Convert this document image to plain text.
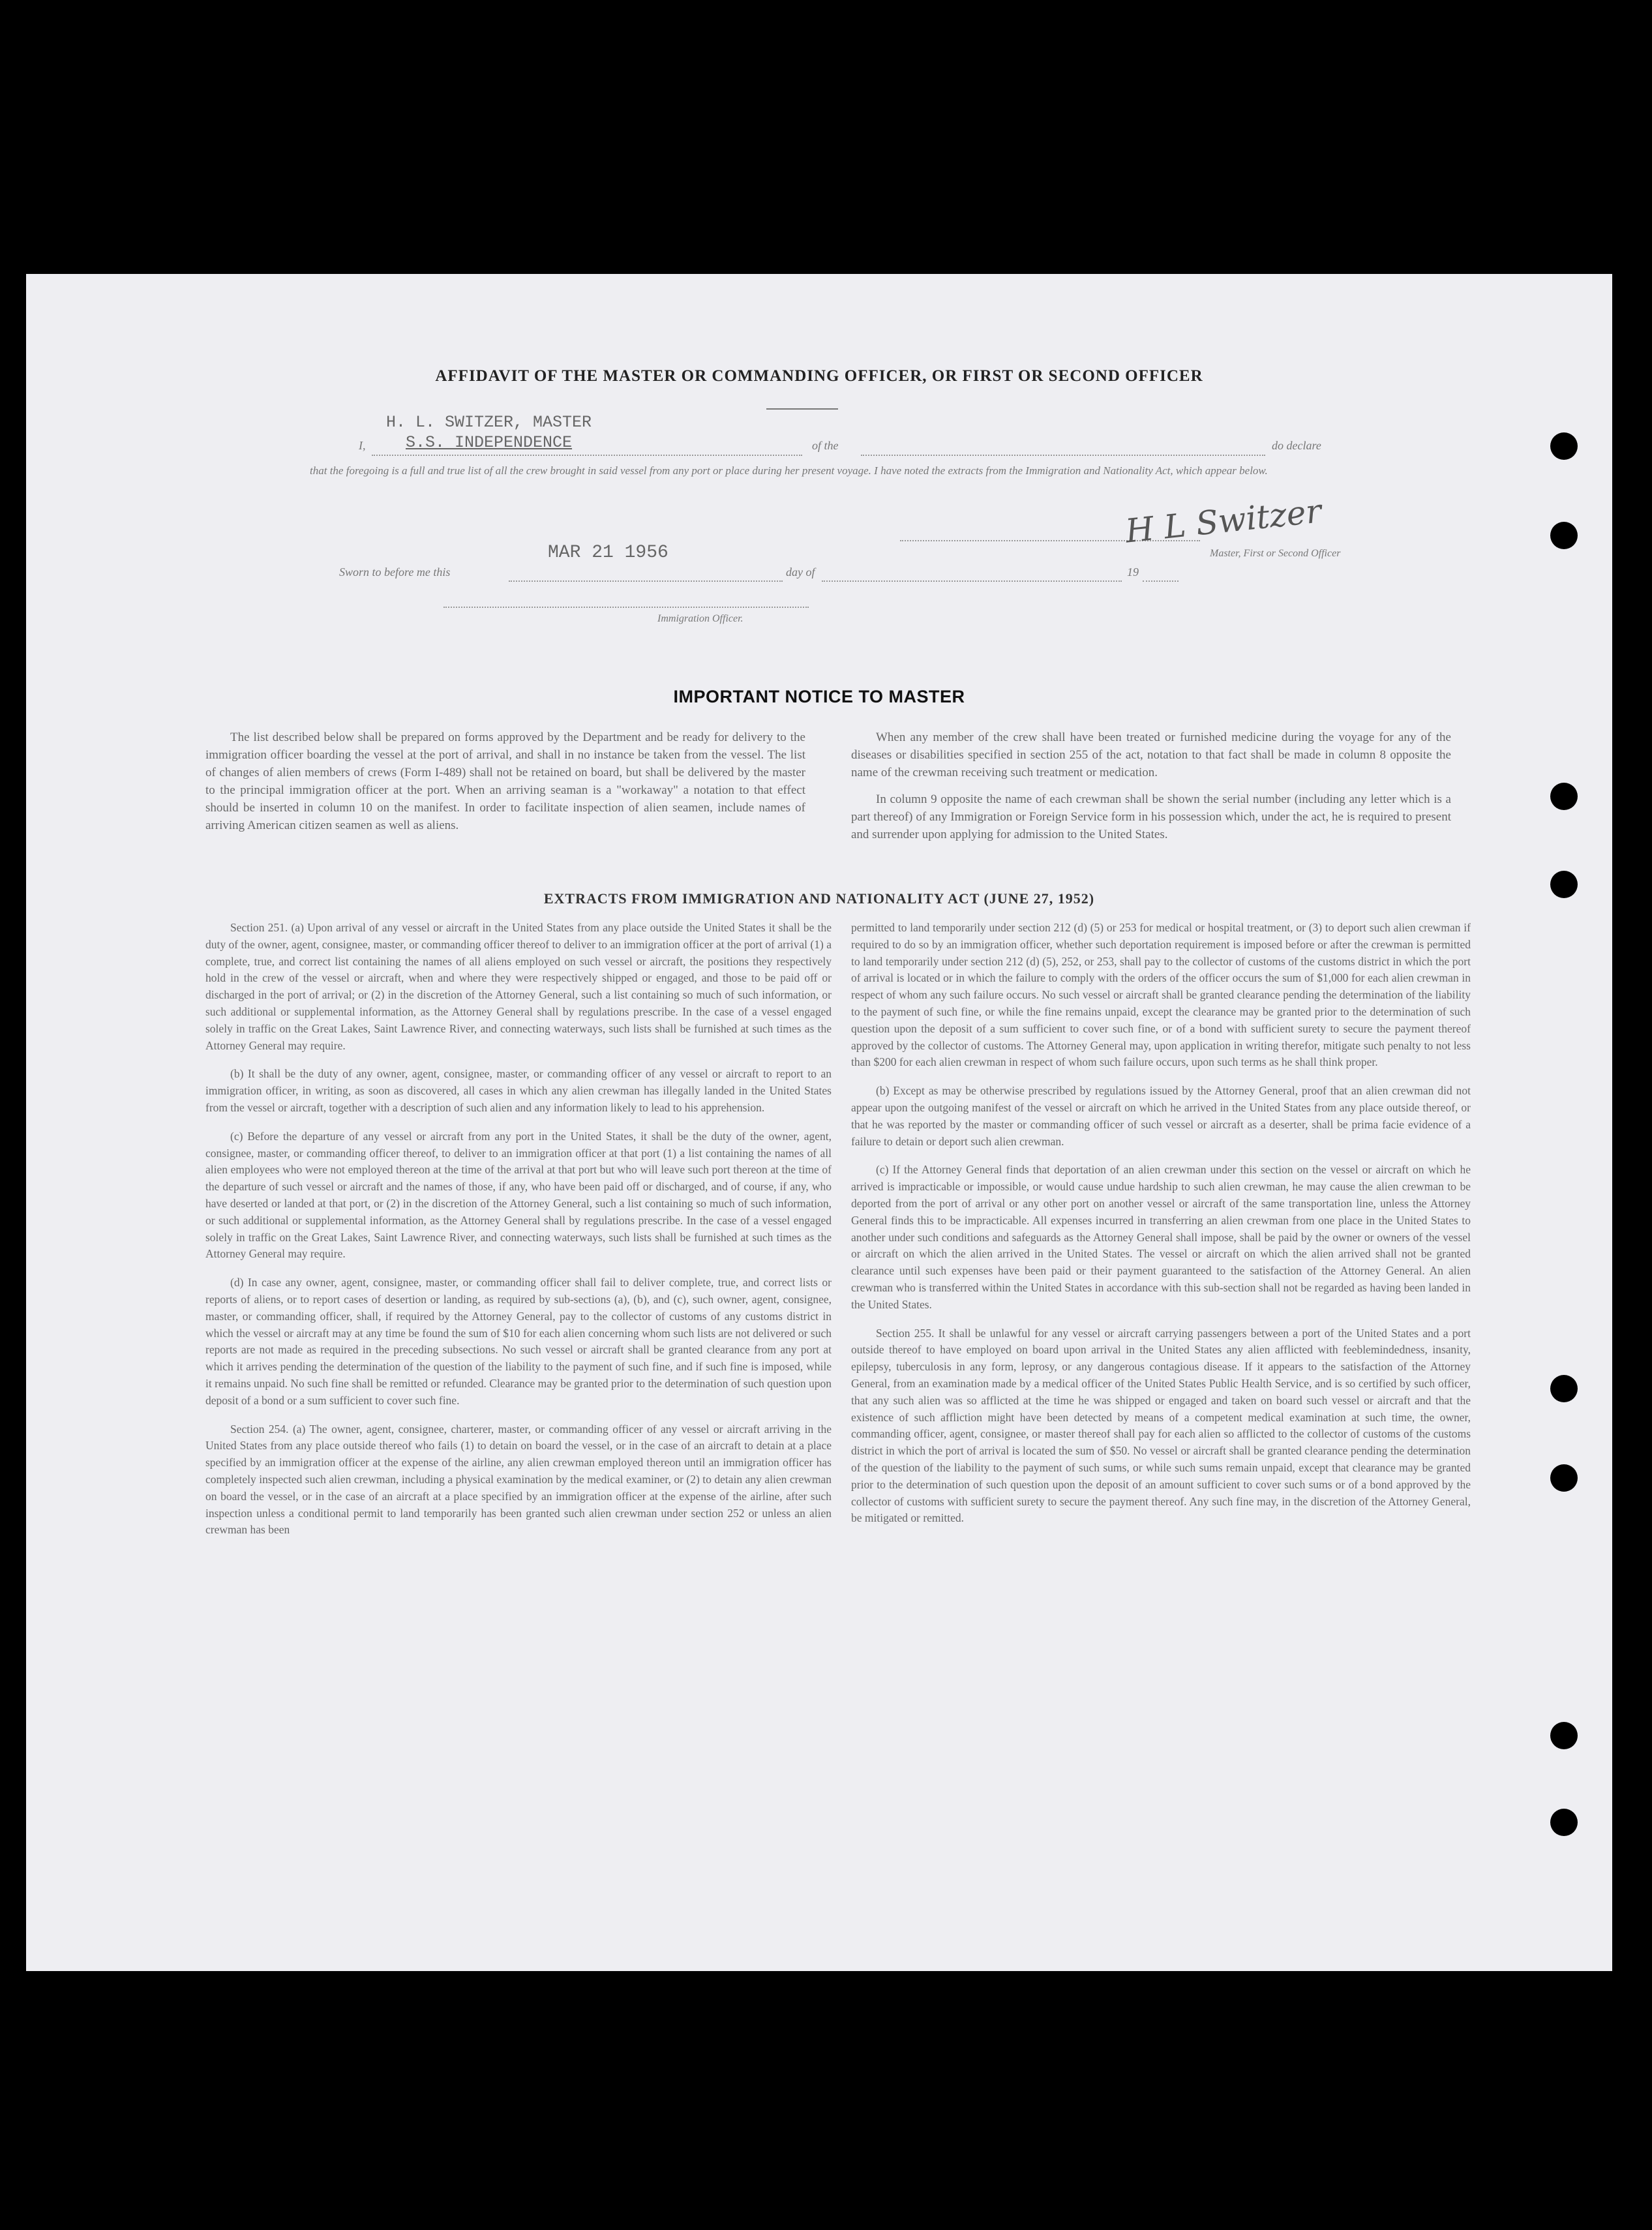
AFFIDAVIT OF THE MASTER OR COMMANDING OFFICER, OR FIRST OR SECOND OFFICER
I,
H. L. SWITZER, MASTER
S.S. INDEPENDENCE	of the	do declare
that the foregoing is a full and true list of all the crew brought in said vessel from any port or place during her present voyage. I have noted the extracts from the Immigration and Nationality Act, which appear below.
Sworn to before me this
MAR 21 1956
day of	19
H L Switzer
Master, First or Second Officer
Immigration Officer.
IMPORTANT NOTICE TO MASTER

The list described below shall be prepared on forms approved by the Department and be ready for delivery to the immigration officer boarding the vessel at the port of arrival, and shall in no instance be taken from the vessel. The list of changes of alien members of crews (Form I-489) shall not be retained on board, but shall be delivered by the master to the principal immigration officer at the port. When an arriving seaman is a "workaway" a notation to that effect should be inserted in column 10 on the manifest. In order to facilitate inspection of alien seamen, include names of arriving American citizen seamen as well as aliens.

When any member of the crew shall have been treated or furnished medicine during the voyage for any of the diseases or disabilities specified in section 255 of the act, notation to that fact shall be made in column 8 opposite the name of the crewman receiving such treatment or medication.

In column 9 opposite the name of each crewman shall be shown the serial number (including any letter which is a part thereof) of any Immigration or Foreign Service form in his possession which, under the act, he is required to present and surrender upon applying for admission to the United States.

EXTRACTS FROM IMMIGRATION AND NATIONALITY ACT (JUNE 27, 1952)

Section 251. (a) Upon arrival of any vessel or aircraft in the United States from any place outside the United States it shall be the duty of the owner, agent, consignee, master, or commanding officer thereof to deliver to an immigration officer at the port of arrival (1) a complete, true, and correct list containing the names of all aliens employed on such vessel or aircraft, the positions they respectively hold in the crew of the vessel or aircraft, when and where they were respectively shipped or engaged, and those to be paid off or discharged in the port of arrival; or (2) in the discretion of the Attorney General, such a list containing so much of such information, or such additional or supplemental information, as the Attorney General shall by regulations prescribe. In the case of a vessel engaged solely in traffic on the Great Lakes, Saint Lawrence River, and connecting waterways, such lists shall be furnished at such times as the Attorney General may require.

(b) It shall be the duty of any owner, agent, consignee, master, or commanding officer of any vessel or aircraft to report to an immigration officer, in writing, as soon as discovered, all cases in which any alien crewman has illegally landed in the United States from the vessel or aircraft, together with a description of such alien and any information likely to lead to his apprehension.

(c) Before the departure of any vessel or aircraft from any port in the United States, it shall be the duty of the owner, agent, consignee, master, or commanding officer thereof, to deliver to an immigration officer at that port (1) a list containing the names of all alien employees who were not employed thereon at the time of the arrival at that port but who will leave such port thereon at the time of the departure of such vessel or aircraft and the names of those, if any, who have been paid off or discharged, and of course, if any, who have deserted or landed at that port, or (2) in the discretion of the Attorney General, such a list containing so much of such information, or such additional or supplemental information, as the Attorney General shall by regulations prescribe. In the case of a vessel engaged solely in traffic on the Great Lakes, Saint Lawrence River, and connecting waterways, such lists shall be furnished at such times as the Attorney General may require.

(d) In case any owner, agent, consignee, master, or commanding officer shall fail to deliver complete, true, and correct lists or reports of aliens, or to report cases of desertion or landing, as required by sub-sections (a), (b), and (c), such owner, agent, consignee, master, or commanding officer, shall, if required by the Attorney General, pay to the collector of customs of any customs district in which the vessel or aircraft may at any time be found the sum of $10 for each alien concerning whom such lists are not delivered or such reports are not made as required in the preceding subsections. No such vessel or aircraft shall be granted clearance from any port at which it arrives pending the determination of the question of the liability to the payment of such fine, and if such fine is imposed, while it remains unpaid. No such fine shall be remitted or refunded. Clearance may be granted prior to the determination of such question upon deposit of a bond or a sum sufficient to cover such fine.

Section 254. (a) The owner, agent, consignee, charterer, master, or commanding officer of any vessel or aircraft arriving in the United States from any place outside thereof who fails (1) to detain on board the vessel, or in the case of an aircraft to detain at a place specified by an immigration officer at the expense of the airline, any alien crewman employed thereon until an immigration officer has completely inspected such alien crewman, including a physical examination by the medical examiner, or (2) to detain any alien crewman on board the vessel, or in the case of an aircraft at a place specified by an immigration officer at the expense of the airline, after such inspection unless a conditional permit to land temporarily has been granted such alien crewman under section 252 or unless an alien crewman has been

permitted to land temporarily under section 212 (d) (5) or 253 for medical or hospital treatment, or (3) to deport such alien crewman if required to do so by an immigration officer, whether such deportation requirement is imposed before or after the crewman is permitted to land temporarily under section 212 (d) (5), 252, or 253, shall pay to the collector of customs of the customs district in which the port of arrival is located or in which the failure to comply with the orders of the officer occurs the sum of $1,000 for each alien crewman in respect of whom any such failure occurs. No such vessel or aircraft shall be granted clearance pending the determination of the liability to the payment of such fine, or while the fine remains unpaid, except the clearance may be granted prior to the determination of such question upon the deposit of a sum sufficient to cover such fine, or of a bond with sufficient surety to secure the payment thereof approved by the collector of customs. The Attorney General may, upon application in writing therefor, mitigate such penalty to not less than $200 for each alien crewman in respect of whom such failure occurs, upon such terms as he shall think proper.

(b) Except as may be otherwise prescribed by regulations issued by the Attorney General, proof that an alien crewman did not appear upon the outgoing manifest of the vessel or aircraft on which he arrived in the United States from any place outside thereof, or that he was reported by the master or commanding officer of such vessel or aircraft as a deserter, shall be prima facie evidence of a failure to detain or deport such alien crewman.

(c) If the Attorney General finds that deportation of an alien crewman under this section on the vessel or aircraft on which he arrived is impracticable or impossible, or would cause undue hardship to such alien crewman, he may cause the alien crewman to be deported from the port of arrival or any other port on another vessel or aircraft of the same transportation line, unless the Attorney General finds this to be impracticable. All expenses incurred in transferring an alien crewman from one place in the United States to another under such conditions and safeguards as the Attorney General shall impose, shall be paid by the owner or owners of the vessel or aircraft on which the alien arrived in the United States. The vessel or aircraft on which the alien arrived shall not be granted clearance until such expenses have been paid or their payment guaranteed to the satisfaction of the Attorney General. An alien crewman who is transferred within the United States in accordance with this sub-section shall not be regarded as having been landed in the United States.

Section 255. It shall be unlawful for any vessel or aircraft carrying passengers between a port of the United States and a port outside thereof to have employed on board upon arrival in the United States any alien afflicted with feeblemindedness, insanity, epilepsy, tuberculosis in any form, leprosy, or any dangerous contagious disease. If it appears to the satisfaction of the Attorney General, from an examination made by a medical officer of the United States Public Health Service, and is so certified by such officer, that any such alien was so afflicted at the time he was shipped or engaged and taken on board such vessel or aircraft and that the existence of such affliction might have been detected by means of a competent medical examination at such time, the owner, commanding officer, agent, consignee, or master thereof shall pay for each alien so afflicted to the collector of customs of the customs district in which the port of arrival is located the sum of $50. No vessel or aircraft shall be granted clearance pending the determination of the question of the liability to the payment of such sums, or while such sums remain unpaid, except that clearance may be granted prior to the determination of such question upon the deposit of an amount sufficient to cover such sums or of a bond approved by the collector of customs with sufficient surety to secure the payment thereof. Any such fine may, in the discretion of the Attorney General, be mitigated or remitted.
